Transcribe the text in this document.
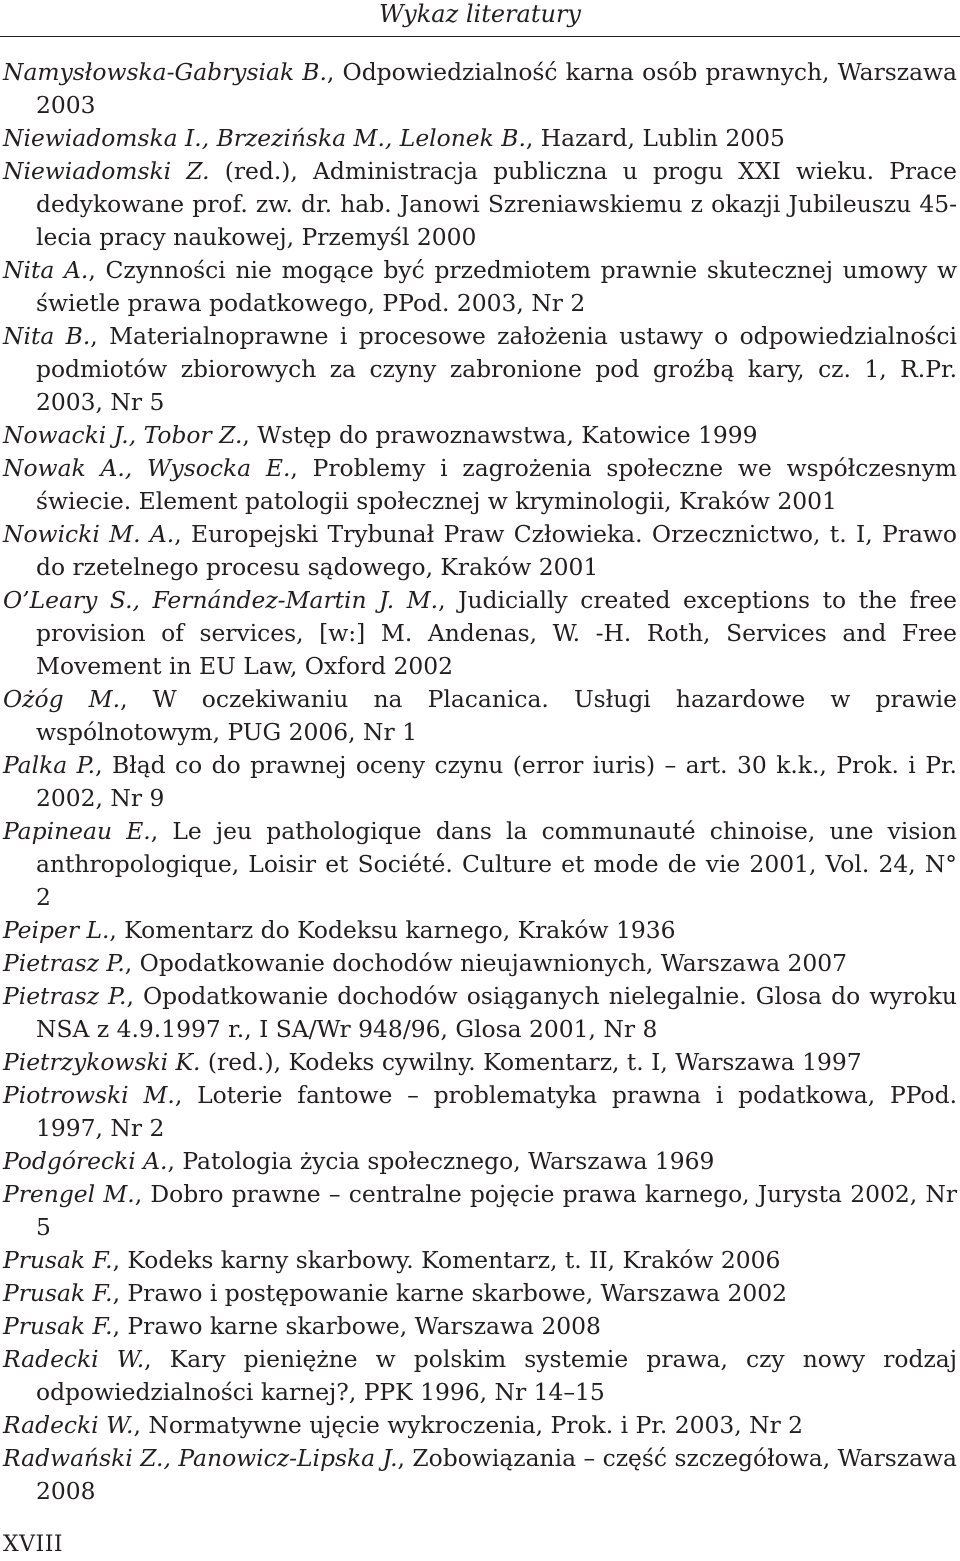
Wykaz literatury
Namysłowska-Gabrysiak B., Odpowiedzialność karna osób prawnych, Warszawa 2003
Niewiadomska I., Brzezińska M., Lelonek B., Hazard, Lublin 2005
Niewiadomski Z. (red.), Administracja publiczna u progu XXI wieku. Prace dedykowane prof. zw. dr. hab. Janowi Szreniawskiemu z okazji Jubileuszu 45-lecia pracy naukowej, Przemyśl 2000
Nita A., Czynności nie mogące być przedmiotem prawnie skutecznej umowy w świetle prawa podatkowego, PPod. 2003, Nr 2
Nita B., Materialnoprawne i procesowe założenia ustawy o odpowiedzialności podmiotów zbiorowych za czyny zabronione pod groźbą kary, cz. 1, R.Pr. 2003, Nr 5
Nowacki J., Tobor Z., Wstęp do prawoznawstwa, Katowice 1999
Nowak A., Wysocka E., Problemy i zagrożenia społeczne we współczesnym świecie. Element patologii społecznej w kryminologii, Kraków 2001
Nowicki M. A., Europejski Trybunał Praw Człowieka. Orzecznictwo, t. I, Prawo do rzetelnego procesu sądowego, Kraków 2001
O’Leary S., Fernández-Martin J. M., Judicially created exceptions to the free provision of services, [w:] M. Andenas, W. -H. Roth, Services and Free Movement in EU Law, Oxford 2002
Ożóg M., W oczekiwaniu na Placanica. Usługi hazardowe w prawie wspólnotowym, PUG 2006, Nr 1
Palka P., Błąd co do prawnej oceny czynu (error iuris) – art. 30 k.k., Prok. i Pr. 2002, Nr 9
Papineau E., Le jeu pathologique dans la communauté chinoise, une vision anthropologique, Loisir et Société. Culture et mode de vie 2001, Vol. 24, N° 2
Peiper L., Komentarz do Kodeksu karnego, Kraków 1936
Pietrasz P., Opodatkowanie dochodów nieujawnionych, Warszawa 2007
Pietrasz P., Opodatkowanie dochodów osiąganych nielegalnie. Glosa do wyroku NSA z 4.9.1997 r., I SA/Wr 948/96, Glosa 2001, Nr 8
Pietrzykowski K. (red.), Kodeks cywilny. Komentarz, t. I, Warszawa 1997
Piotrowski M., Loterie fantowe – problematyka prawna i podatkowa, PPod. 1997, Nr 2
Podgórecki A., Patologia życia społecznego, Warszawa 1969
Prengel M., Dobro prawne – centralne pojęcie prawa karnego, Jurysta 2002, Nr 5
Prusak F., Kodeks karny skarbowy. Komentarz, t. II, Kraków 2006
Prusak F., Prawo i postępowanie karne skarbowe, Warszawa 2002
Prusak F., Prawo karne skarbowe, Warszawa 2008
Radecki W., Kary pieniężne w polskim systemie prawa, czy nowy rodzaj odpowiedzialności karnej?, PPK 1996, Nr 14–15
Radecki W., Normatywne ujęcie wykroczenia, Prok. i Pr. 2003, Nr 2
Radwański Z., Panowicz-Lipska J., Zobowiązania – część szczegółowa, Warszawa 2008
XVIII
